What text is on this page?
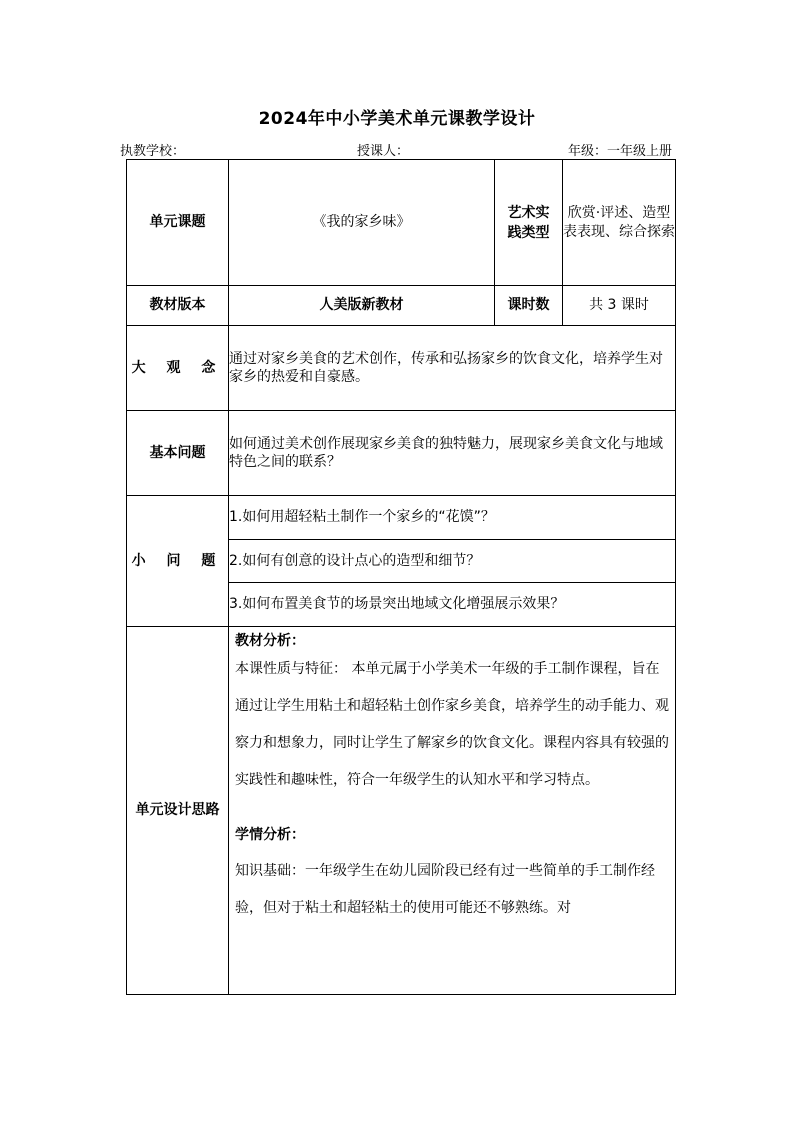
2024年中小学美术单元课教学设计
执教学校：	授课人：	年级：一年级上册
单元课题	《我的家乡味》	艺术实践类型	欣赏·评述、造型表表现、综合探索
教材版本	人美版新教材	课时数	共 3 课时
大 观 念	通过对家乡美食的艺术创作，传承和弘扬家乡的饮食文化，培养学生对家乡的热爱和自豪感。		
基本问题	如何通过美术创作展现家乡美食的独特魅力，展现家乡美食文化与地域特色之间的联系？		
小 问 题	1.如何用超轻粘土制作一个家乡的“花馍”？		
	2.如何有创意的设计点心的造型和细节？		
	3.如何布置美食节的场景突出地域文化增强展示效果？		
单元设计思路	教材分析：
本课性质与特征： 本单元属于小学美术一年级的手工制作课程，旨在通过让学生用粘土和超轻粘土创作家乡美食，培养学生的动手能力、观察力和想象力，同时让学生了解家乡的饮食文化。课程内容具有较强的实践性和趣味性，符合一年级学生的认知水平和学习特点。
学情分析：
知识基础：一年级学生在幼儿园阶段已经有过一些简单的手工制作经验，但对于粘土和超轻粘土的使用可能还不够熟练。对		
